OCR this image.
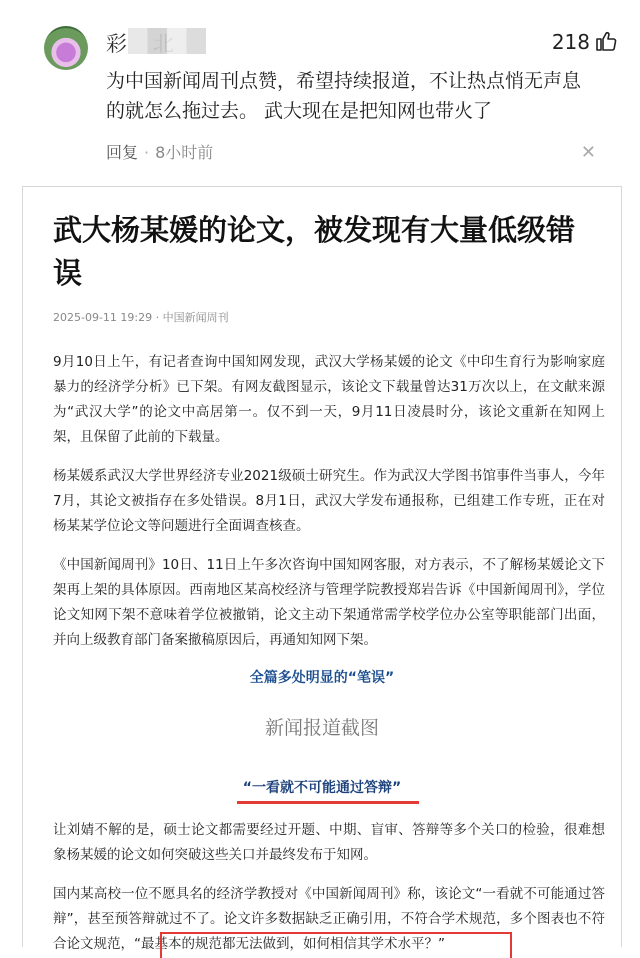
彩	218
为中国新闻周刊点赞，希望持续报道，不让热点悄无声息的就怎么拖过去。 武大现在是把知网也带火了
回复 · 8小时前	✕
武大杨某媛的论文，被发现有大量低级错误
2025-09-11 19:29 · 中国新闻周刊
9月10日上午，有记者查询中国知网发现，武汉大学杨某媛的论文《中印生育行为影响家庭暴力的经济学分析》已下架。有网友截图显示，该论文下载量曾达31万次以上，在文献来源为“武汉大学”的论文中高居第一。仅不到一天，9月11日凌晨时分，该论文重新在知网上架，且保留了此前的下载量。
杨某媛系武汉大学世界经济专业2021级硕士研究生。作为武汉大学图书馆事件当事人，今年7月，其论文被指存在多处错误。8月1日，武汉大学发布通报称，已组建工作专班，正在对杨某某学位论文等问题进行全面调查核查。
《中国新闻周刊》10日、11日上午多次咨询中国知网客服，对方表示，不了解杨某媛论文下架再上架的具体原因。西南地区某高校经济与管理学院教授郑岩告诉《中国新闻周刊》，学位论文知网下架不意味着学位被撤销，论文主动下架通常需学校学位办公室等职能部门出面，并向上级教育部门备案撤稿原因后，再通知知网下架。
全篇多处明显的“笔误”
新闻报道截图
“一看就不可能通过答辩”
让刘婧不解的是，硕士论文都需要经过开题、中期、盲审、答辩等多个关口的检验，很难想象杨某媛的论文如何突破这些关口并最终发布于知网。
国内某高校一位不愿具名的经济学教授对《中国新闻周刊》称，该论文“一看就不可能通过答辩”，甚至预答辩就过不了。论文许多数据缺乏正确引用，不符合学术规范，多个图表也不符合论文规范，“最基本的规范都无法做到，如何相信其学术水平？”
